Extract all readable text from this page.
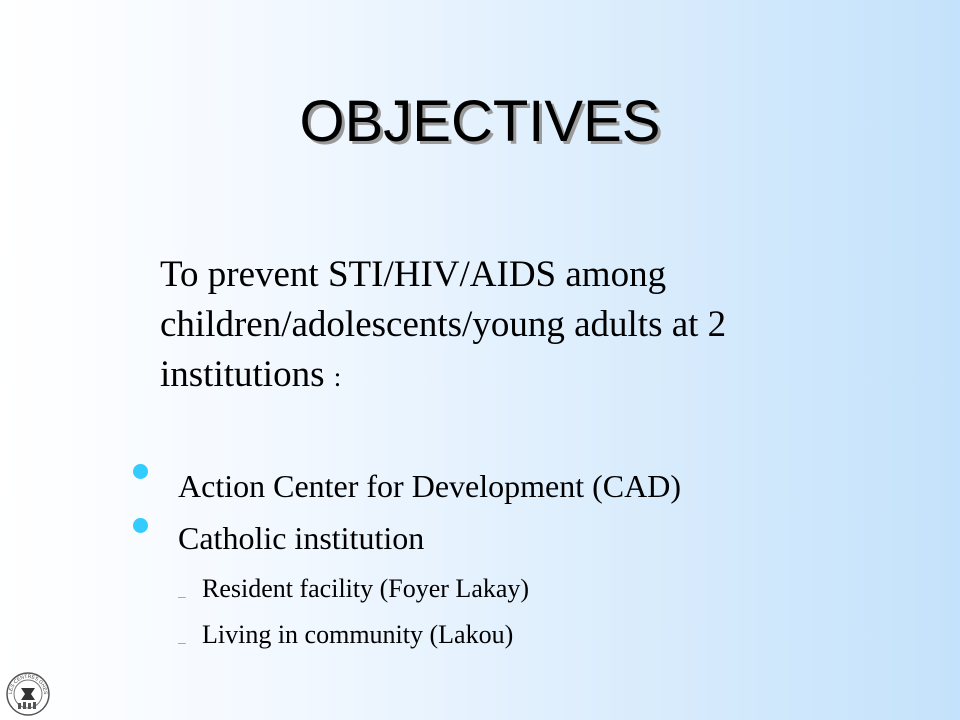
OBJECTIVES
To prevent STI/HIV/AIDS among
children/adolescents/young adults at 2
institutions :
Action Center for Development (CAD)
Catholic institution
– Resident facility (Foyer Lakay)
– Living in community (Lakou)
LES CENTRES GHES
